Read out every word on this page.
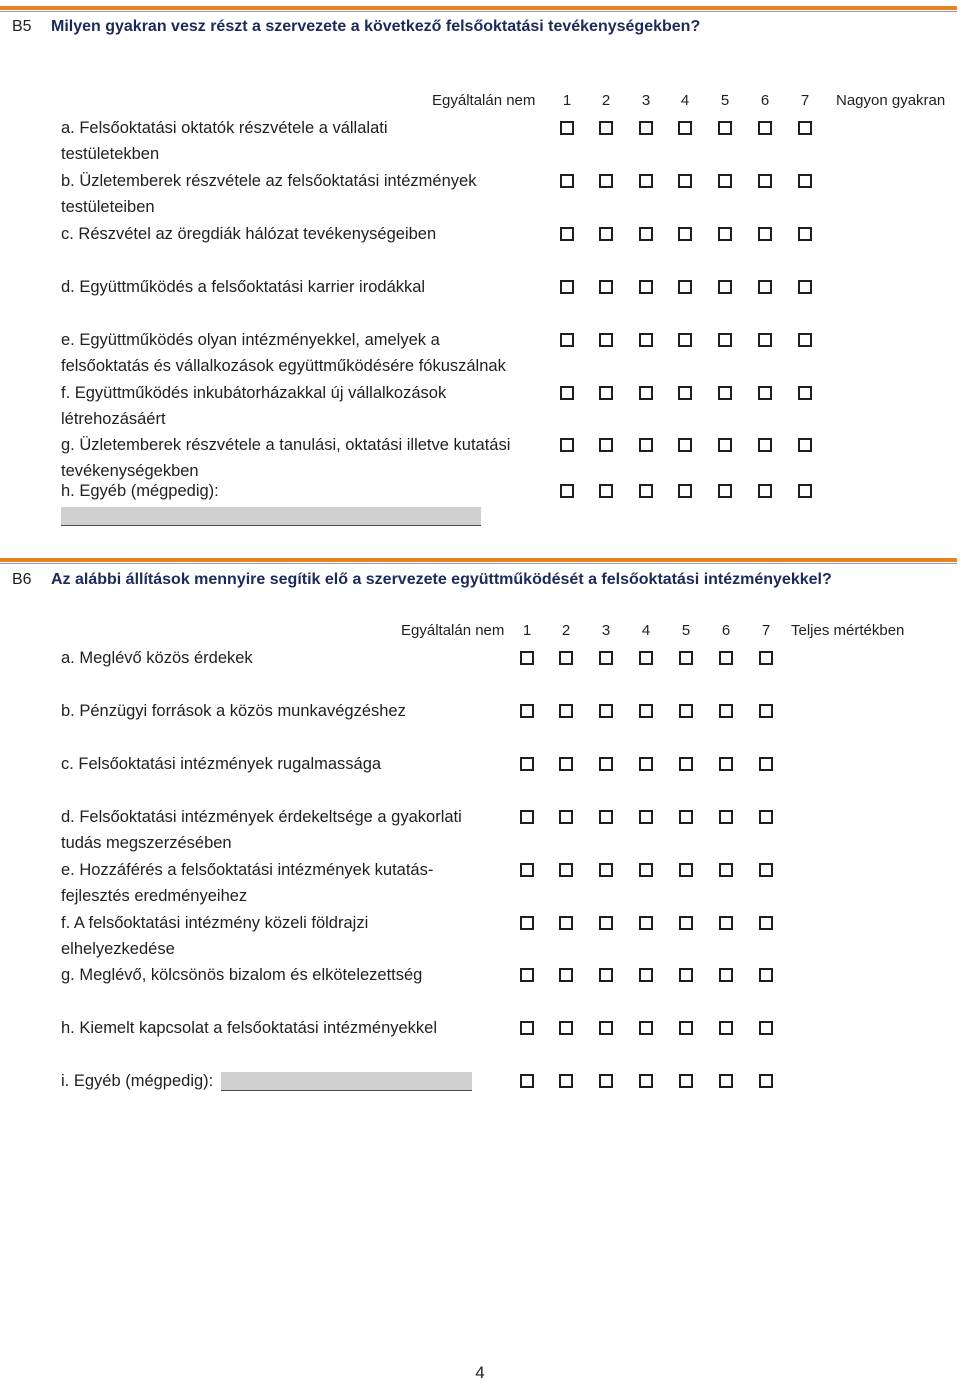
B5 Milyen gyakran vesz részt a szervezete a következő felsőoktatási tevékenységekben?
Egyáltalán nem	1	2	3	4	5	6	7	Nagyon gyakran
a. Felsőoktatási oktatók részvétele a vállalati
testületekben
b. Üzletemberek részvétele az felsőoktatási intézmények
testületeiben
c. Részvétel az öregdiák hálózat tevékenységeiben
d. Együttműködés a felsőoktatási karrier irodákkal
e. Együttműködés olyan intézményekkel, amelyek a
felsőoktatás és vállalkozások együttműködésére fókuszálnak
f. Együttműködés inkubátorházakkal új vállalkozások
létrehozásáért
g. Üzletemberek részvétele a tanulási, oktatási illetve kutatási
tevékenységekben
h. Egyéb (mégpedig):
B6 Az alábbi állítások mennyire segítik elő a szervezete együttműködését a felsőoktatási intézményekkel?
Egyáltalán nem	1	2	3	4	5	6	7	Teljes mértékben
a. Meglévő közös érdekek
b. Pénzügyi források a közös munkavégzéshez
c. Felsőoktatási intézmények rugalmassága
d. Felsőoktatási intézmények érdekeltsége a gyakorlati
tudás megszerzésében
e. Hozzáférés a felsőoktatási intézmények kutatás-
fejlesztés eredményeihez
f. A felsőoktatási intézmény közeli földrajzi
elhelyezkedése
g. Meglévő, kölcsönös bizalom és elkötelezettség
h. Kiemelt kapcsolat a felsőoktatási intézményekkel
i. Egyéb (mégpedig):
4
